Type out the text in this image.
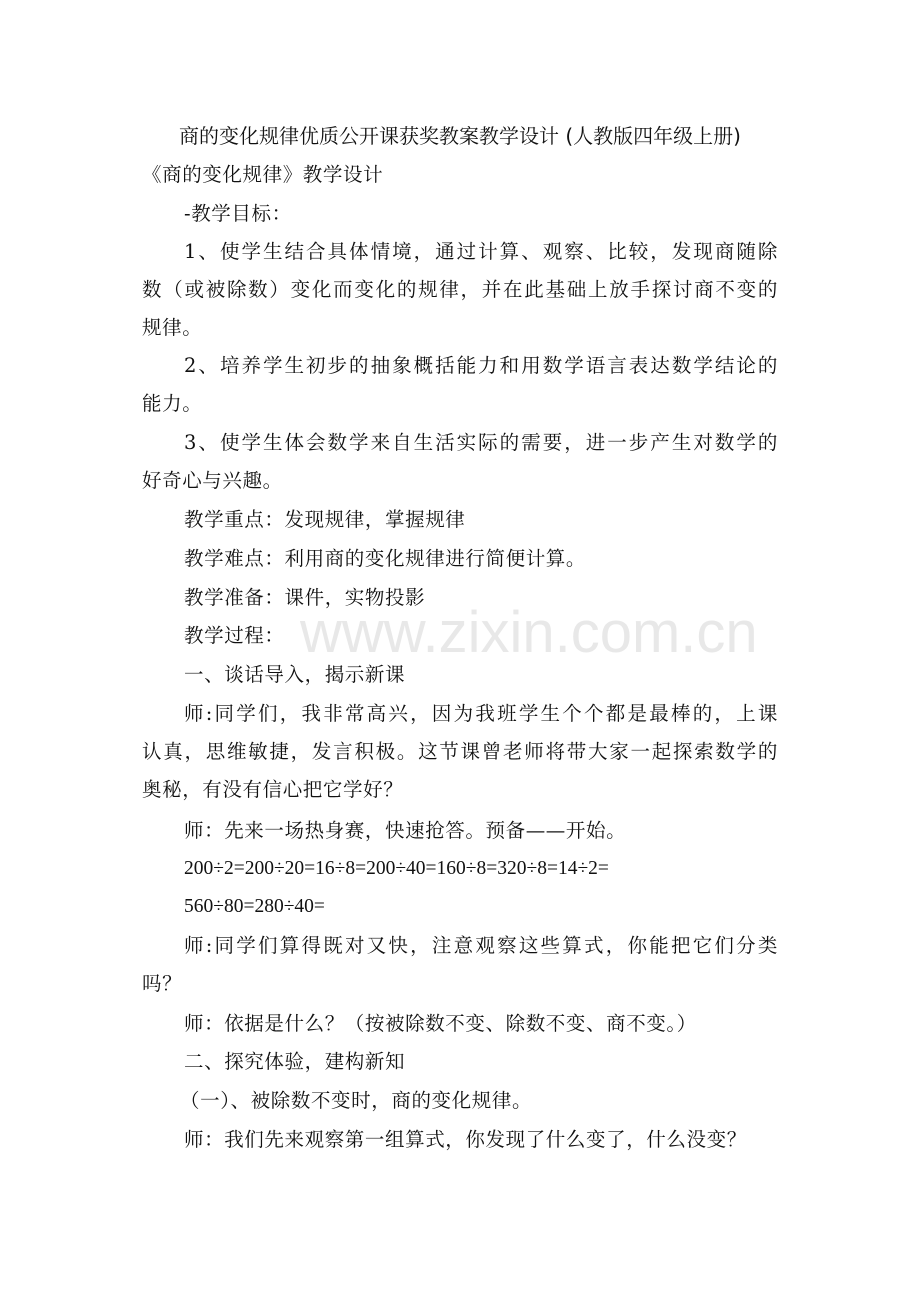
商的变化规律优质公开课获奖教案教学设计 (人教版四年级上册)
《商的变化规律》教学设计
-教学目标：
1、使学生结合具体情境，通过计算、观察、比较，发现商随除
数（或被除数）变化而变化的规律，并在此基础上放手探讨商不变的
规律。
2、培养学生初步的抽象概括能力和用数学语言表达数学结论的
能力。
3、使学生体会数学来自生活实际的需要，进一步产生对数学的
好奇心与兴趣。
教学重点：发现规律，掌握规律
教学难点：利用商的变化规律进行简便计算。
教学准备：课件，实物投影
教学过程：
一、谈话导入，揭示新课
师:同学们，我非常高兴，因为我班学生个个都是最棒的，上课
认真，思维敏捷，发言积极。这节课曾老师将带大家一起探索数学的
奥秘，有没有信心把它学好？
师：先来一场热身赛，快速抢答。预备——开始。
200÷2=200÷20=16÷8=200÷40=160÷8=320÷8=14÷2=
560÷80=280÷40=
师:同学们算得既对又快，注意观察这些算式，你能把它们分类
吗？
师：依据是什么？（按被除数不变、除数不变、商不变。）
二、探究体验，建构新知
（一）、被除数不变时，商的变化规律。
师：我们先来观察第一组算式，你发现了什么变了，什么没变？
www.zixin.com.cn
